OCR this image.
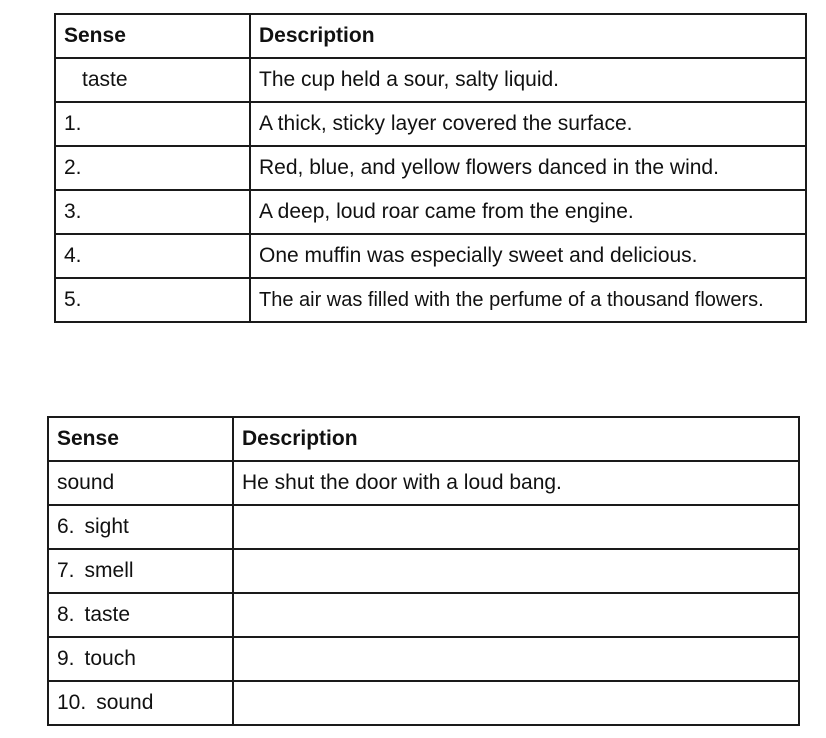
Sense	Description
taste	The cup held a sour, salty liquid.
1.	A thick, sticky layer covered the surface.
2.	Red, blue, and yellow flowers danced in the wind.
3.	A deep, loud roar came from the engine.
4.	One muffin was especially sweet and delicious.
5.	The air was filled with the perfume of a thousand flowers.
Sense	Description
sound	He shut the door with a loud bang.
6. sight	
7. smell	
8. taste	
9. touch	
10. sound	
